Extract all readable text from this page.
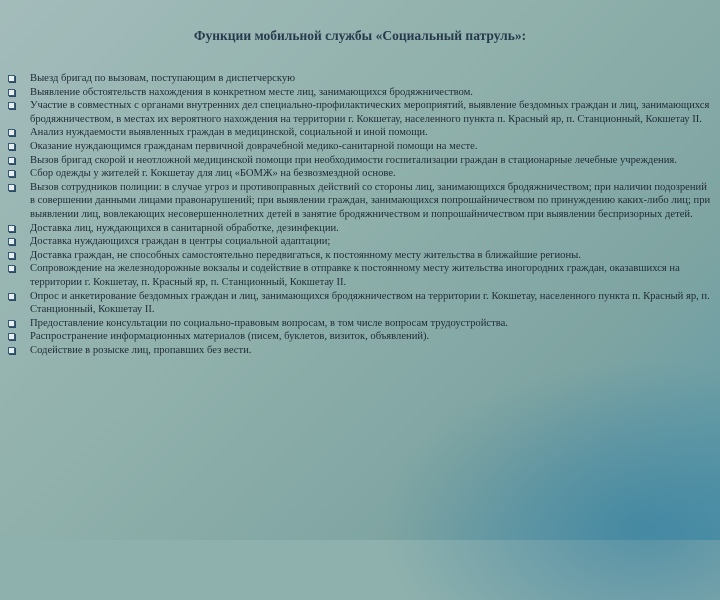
Функции мобильной службы «Социальный патруль»:
Выезд бригад по вызовам, поступающим в диспетчерскую
Выявление обстоятельств нахождения в конкретном месте лиц, занимающихся бродяжничеством.
Участие в совместных с органами внутренних дел специально-профилактических мероприятий, выявление бездомных граждан и лиц, занимающихся бродяжничеством, в местах их вероятного нахождения на территории г. Кокшетау, населенного пункта п. Красный яр, п. Станционный, Кокшетау II.
Анализ нуждаемости выявленных граждан в медицинской, социальной и иной помощи.
Оказание нуждающимся гражданам первичной доврачебной медико-санитарной помощи на месте.
Вызов бригад скорой и неотложной медицинской помощи при необходимости госпитализации граждан в стационарные лечебные учреждения.
Сбор одежды у жителей г. Кокшетау для лиц «БОМЖ» на безвозмездной основе.
Вызов сотрудников полиции: в случае угроз и противоправных действий со стороны лиц, занимающихся бродяжничеством; при наличии подозрений в совершении данными лицами правонарушений; при выявлении граждан, занимающихся попрошайничеством по принуждению каких-либо лиц; при выявлении лиц, вовлекающих несовершеннолетних детей в занятие бродяжничеством и попрошайничеством при выявлении беспризорных детей.
Доставка лиц, нуждающихся в санитарной обработке, дезинфекции.
Доставка нуждающихся граждан в центры социальной адаптации;
Доставка граждан, не способных самостоятельно передвигаться, к постоянному месту жительства в ближайшие регионы.
Сопровождение на железнодорожные вокзалы и содействие в отправке к постоянному месту жительства иногородних граждан, оказавшихся на территории г. Кокшетау, п. Красный яр, п. Станционный, Кокшетау II.
Опрос и анкетирование бездомных граждан и лиц, занимающихся бродяжничеством на территории г. Кокшетау, населенного пункта п. Красный яр, п. Станционный, Кокшетау II.
Предоставление консультации по социально-правовым вопросам, в том числе вопросам трудоустройства.
Распространение информационных материалов (писем, буклетов, визиток, объявлений).
Содействие в розыске лиц, пропавших без вести.
